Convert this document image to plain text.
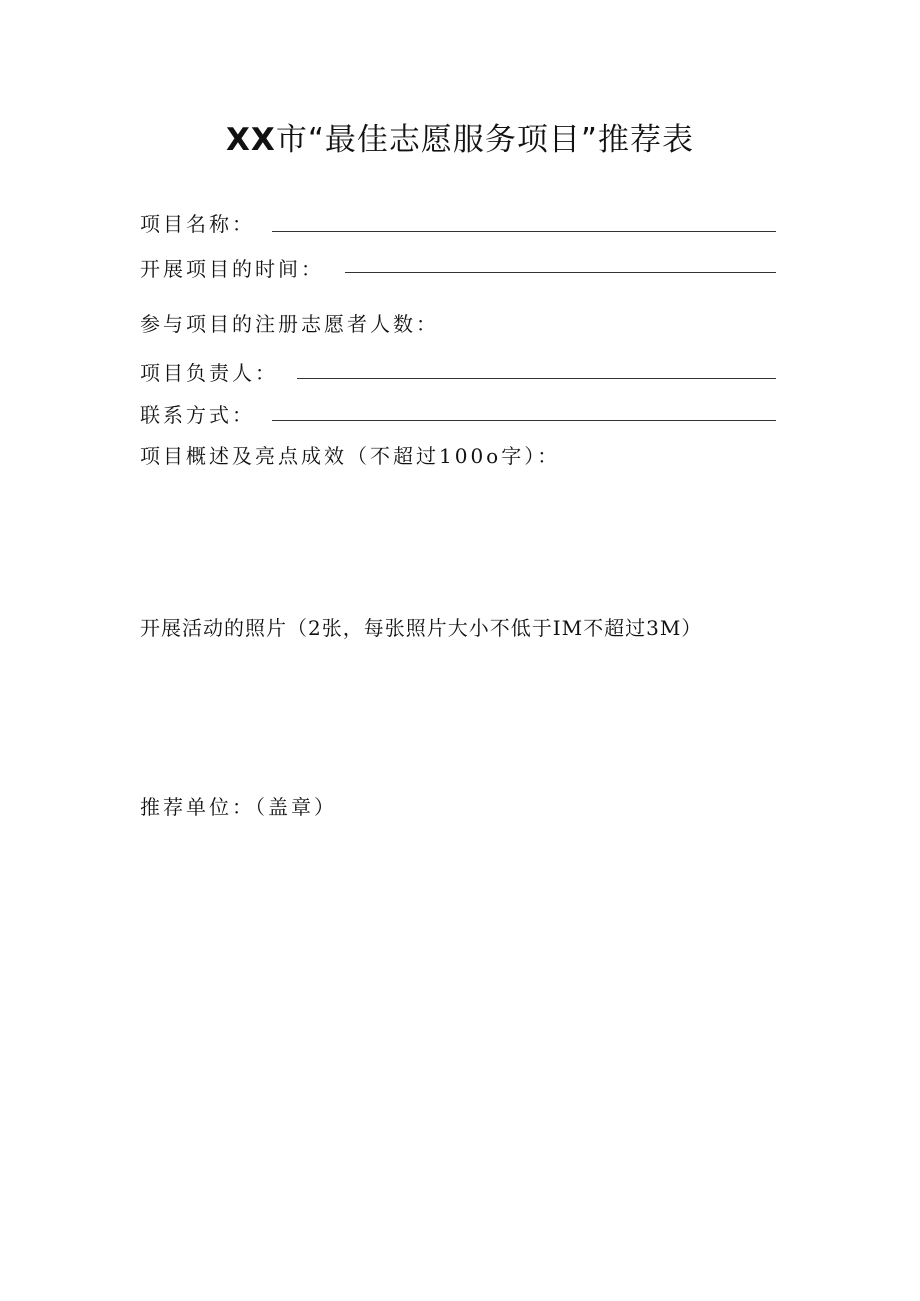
XX市“最佳志愿服务项目”推荐表
项目名称：
开展项目的时间：
参与项目的注册志愿者人数：
项目负责人：
联系方式：
项目概述及亮点成效（不超过100o字）：
开展活动的照片（2张，每张照片大小不低于IM不超过3M）
推荐单位：（盖章）
